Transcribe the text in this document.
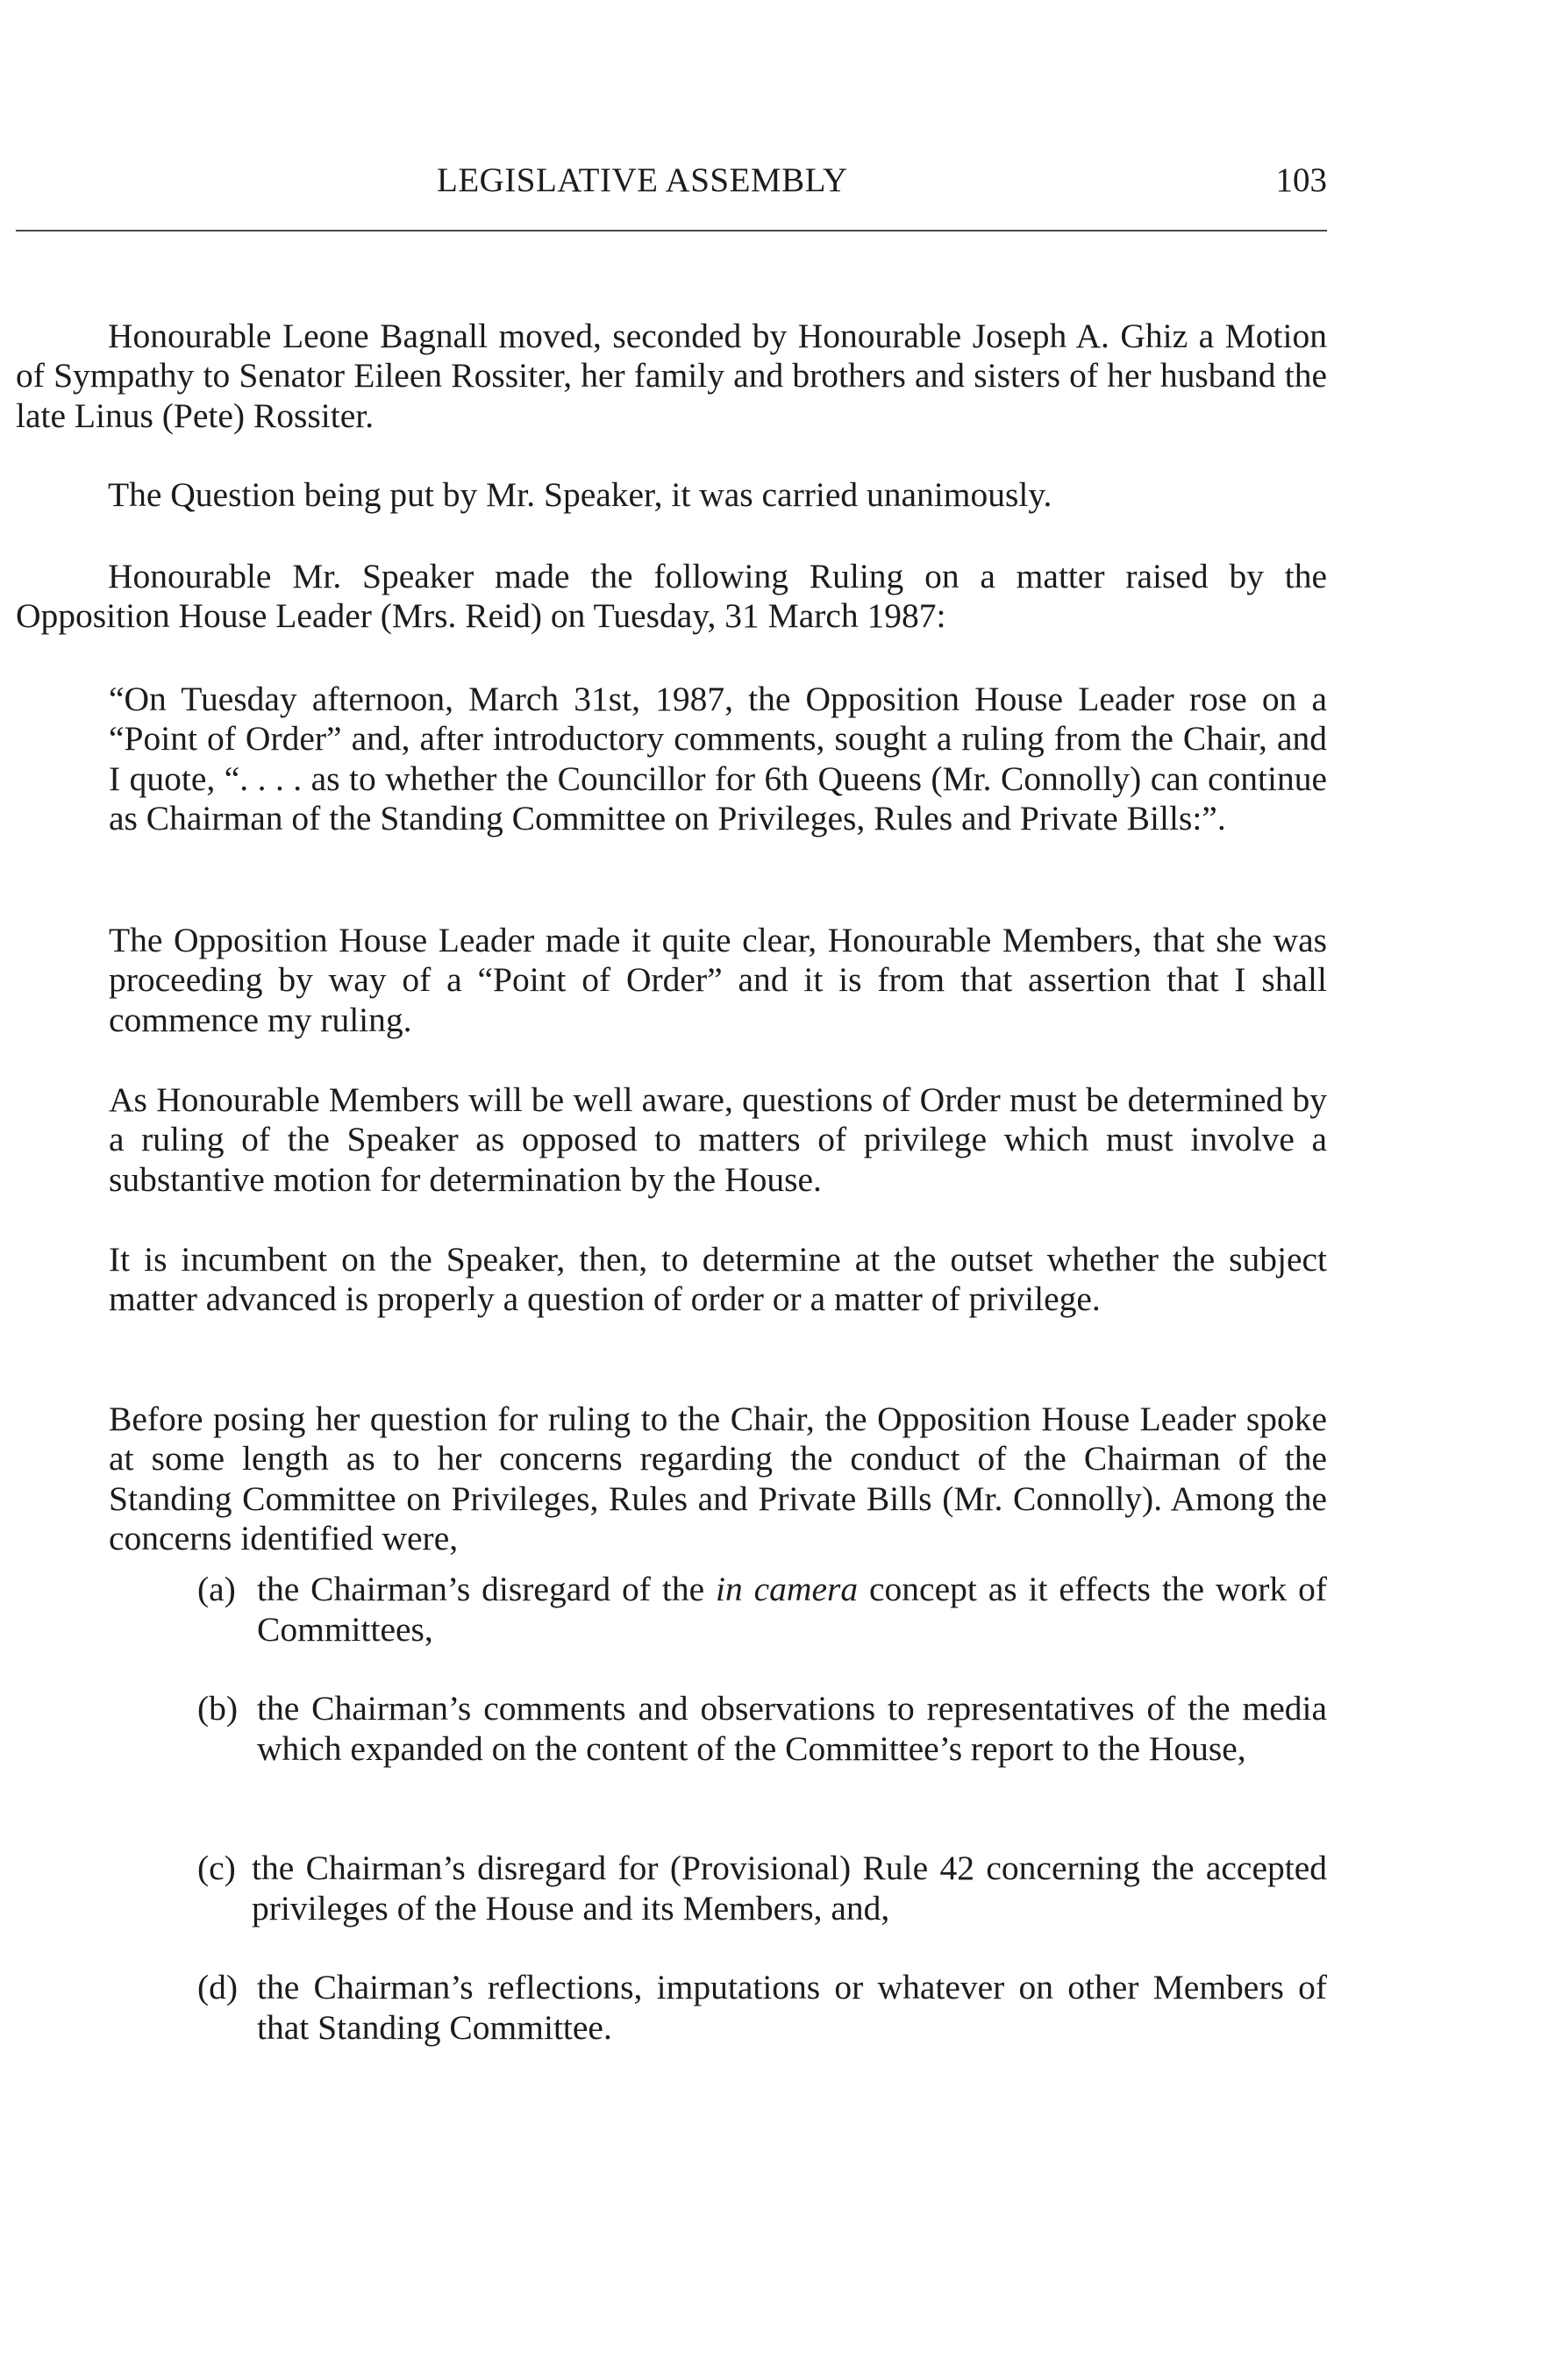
LEGISLATIVE ASSEMBLY	103

Honourable Leone Bagnall moved, seconded by Honourable Joseph A. Ghiz a Motion of Sympathy to Senator Eileen Rossiter, her family and brothers and sisters of her husband the late Linus (Pete) Rossiter.

The Question being put by Mr. Speaker, it was carried unanimously.

Honourable Mr. Speaker made the following Ruling on a matter raised by the Opposition House Leader (Mrs. Reid) on Tuesday, 31 March 1987:

“On Tuesday afternoon, March 31st, 1987, the Opposition House Leader rose on a “Point of Order” and, after introductory comments, sought a ruling from the Chair, and I quote, “. . . . as to whether the Councillor for 6th Queens (Mr. Connolly) can continue as Chairman of the Standing Committee on Privileges, Rules and Private Bills:”.

The Opposition House Leader made it quite clear, Honourable Members, that she was proceeding by way of a “Point of Order” and it is from that assertion that I shall commence my ruling.

As Honourable Members will be well aware, questions of Order must be determined by a ruling of the Speaker as opposed to matters of privilege which must involve a substantive motion for determination by the House.

It is incumbent on the Speaker, then, to determine at the outset whether the subject matter advanced is properly a question of order or a matter of privilege.

Before posing her question for ruling to the Chair, the Opposition House Leader spoke at some length as to her concerns regarding the conduct of the Chairman of the Standing Committee on Privileges, Rules and Private Bills (Mr. Connolly). Among the concerns identified were,

(a) the Chairman’s disregard of the in camera concept as it effects the work of Committees,
(b) the Chairman’s comments and observations to representatives of the media which expanded on the content of the Committee’s report to the House,
(c) the Chairman’s disregard for (Provisional) Rule 42 concerning the accepted privileges of the House and its Members, and,
(d) the Chairman’s reflections, imputations or whatever on other Members of that Standing Committee.
